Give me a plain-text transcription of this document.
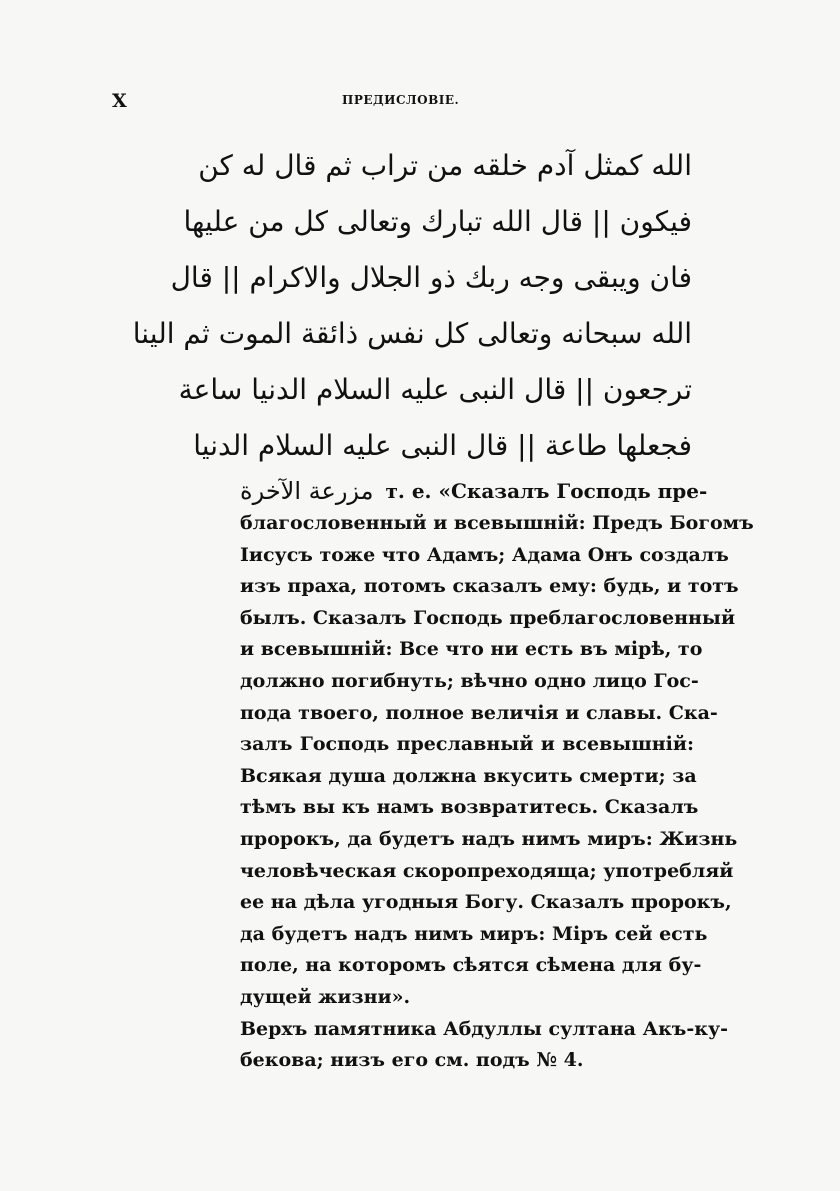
X	ПРЕДИСЛОВІЕ.
الله كمثل آدم خلقه من تراب ثم قال له كن
فيكون || قال الله تبارك وتعالى كل من عليها
فان ويبقى وجه ربك ذو الجلال والاكرام || قال
الله سبحانه وتعالى كل نفس ذائقة الموت ثم الينا
ترجعون || قال النبى عليه السلام الدنيا ساعة
فجعلها طاعة || قال النبى عليه السلام الدنيا
مزرعة الآخرة т. е. «Сказалъ Господь пре-
благословенный и всевышній: Предъ Богомъ
Іисусъ тоже что Адамъ; Адама Онъ создалъ
изъ праха, потомъ сказалъ ему: будь, и тотъ
былъ. Сказалъ Господь преблагословенный
и всевышній: Все что ни есть въ мірѣ, то
должно погибнуть; вѣчно одно лицо Гос-
пода твоего, полное величія и славы. Ска-
залъ Господь преславный и всевышній:
Всякая душа должна вкусить смерти; за
тѣмъ вы къ намъ возвратитесь. Сказалъ
пророкъ, да будетъ надъ нимъ миръ: Жизнь
человѣческая скоропреходяща; употребляй
ее на дѣла угодныя Богу. Сказалъ пророкъ,
да будетъ надъ нимъ миръ: Міръ сей есть
поле, на которомъ сѣятся сѣмена для бу-
дущей жизни».
Верхъ памятника Абдуллы султана Акъ-ку-
бекова; низъ его см. подъ № 4.
